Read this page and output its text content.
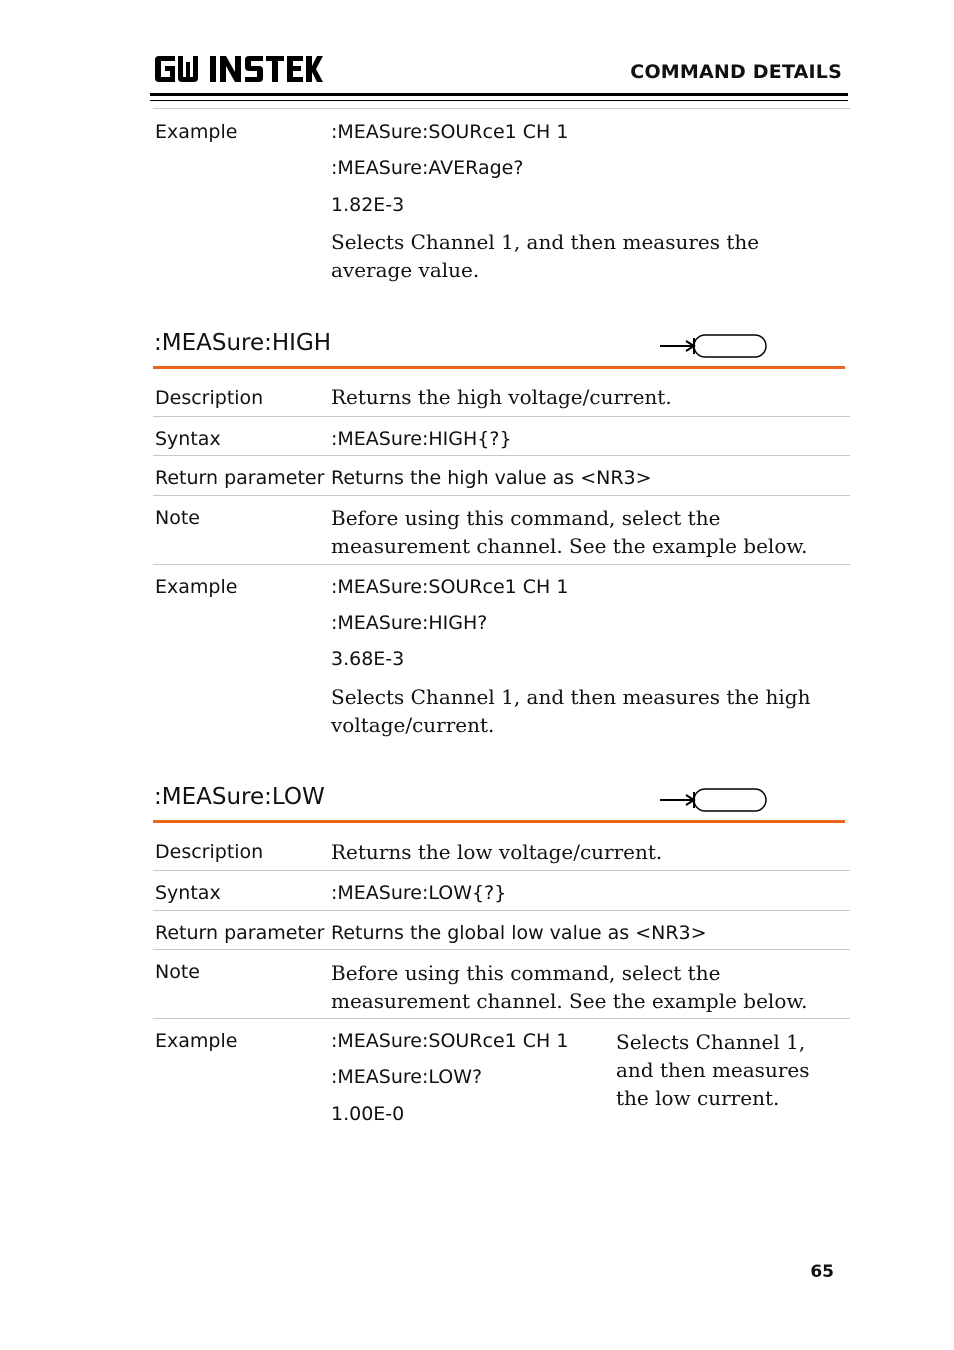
COMMAND DETAILS
Example	:MEASure:SOURce1 CH 1
:MEASure:AVERage?
1.82E-3
Selects Channel 1, and then measures the average value.
:MEASure:HIGH
Description	Returns the high voltage/current.
Syntax	:MEASure:HIGH{?}
Return parameter Returns the high value as <NR3>
Note	Before using this command, select the measurement channel. See the example below.
Example	:MEASure:SOURce1 CH 1
:MEASure:HIGH?
3.68E-3
Selects Channel 1, and then measures the high voltage/current.
:MEASure:LOW
Description	Returns the low voltage/current.
Syntax	:MEASure:LOW{?}
Return parameter Returns the global low value as <NR3>
Note	Before using this command, select the measurement channel. See the example below.
Example	:MEASure:SOURce1 CH 1
:MEASure:LOW?
1.00E-0
Selects Channel 1, and then measures the low current.
65
